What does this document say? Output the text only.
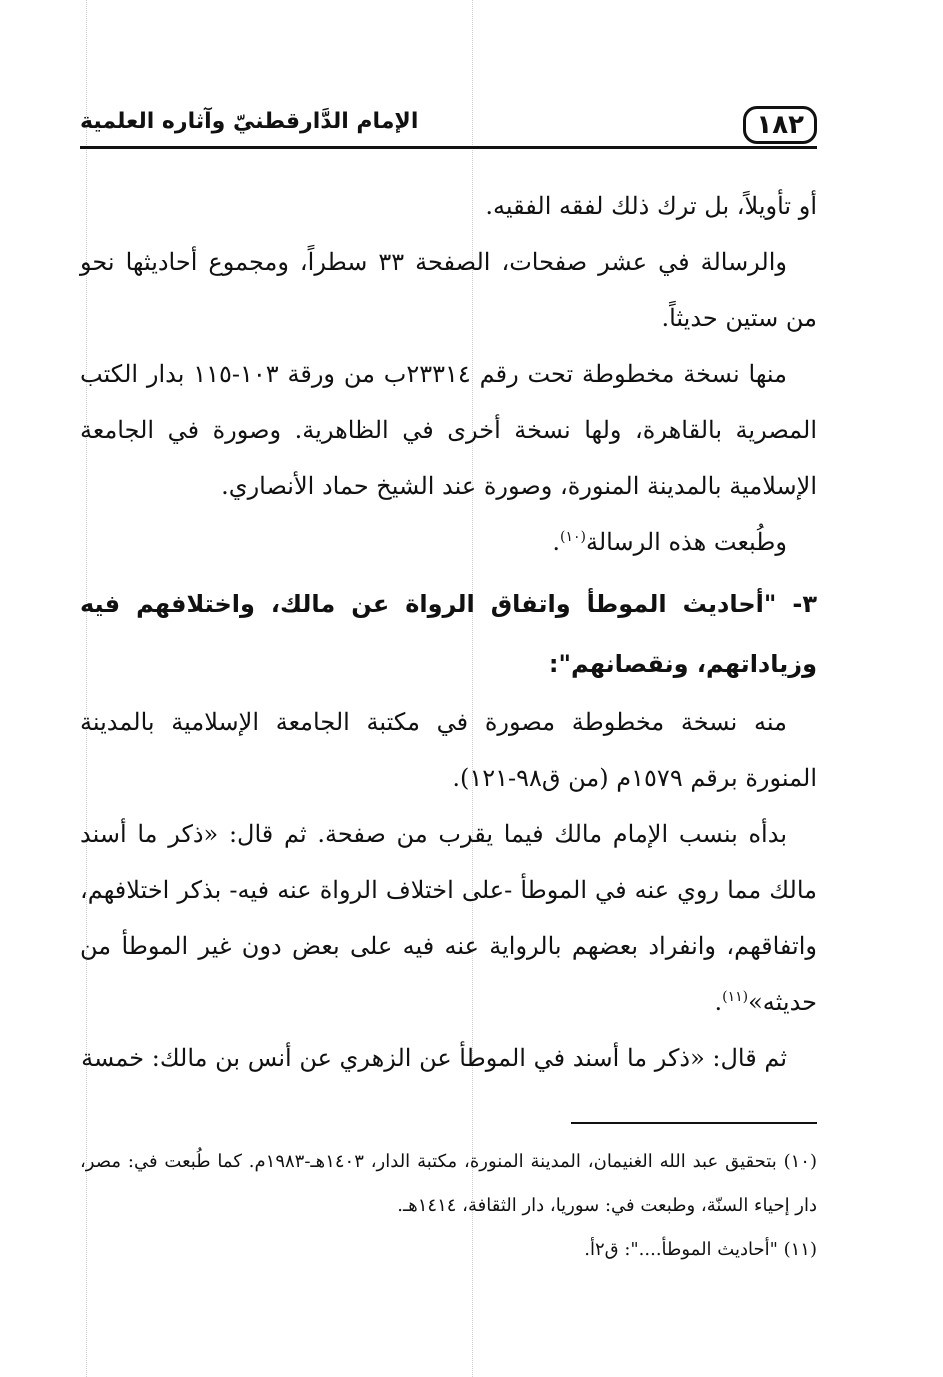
١٨٢
الإمام الدَّارقطنيّ وآثاره العلمية

أو تأويلاً، بل ترك ذلك لفقه الفقيه.

والرسالة في عشر صفحات، الصفحة ٣٣ سطراً، ومجموع أحاديثها نحو من ستين حديثاً.

منها نسخة مخطوطة تحت رقم ٢٣٣١٤ب من ورقة ١٠٣-١١٥ بدار الكتب المصرية بالقاهرة، ولها نسخة أخرى في الظاهرية. وصورة في الجامعة الإسلامية بالمدينة المنورة، وصورة عند الشيخ حماد الأنصاري.

وطُبعت هذه الرسالة$^{(١٠)}$.

٣- "أحاديث الموطأ واتفاق الرواة عن مالك، واختلافهم فيه وزياداتهم، ونقصانهم":

منه نسخة مخطوطة مصورة في مكتبة الجامعة الإسلامية بالمدينة المنورة برقم ١٥٧٩م (من ق٩٨-١٢١).

بدأه بنسب الإمام مالك فيما يقرب من صفحة. ثم قال: «ذكر ما أسند مالك مما روي عنه في الموطأ -على اختلاف الرواة عنه فيه- بذكر اختلافهم، واتفاقهم، وانفراد بعضهم بالرواية عنه فيه على بعض دون غير الموطأ من حديثه»$^{(١١)}$.

ثم قال: «ذكر ما أسند في الموطأ عن الزهري عن أنس بن مالك: خمسة

(١٠) بتحقيق عبد الله الغنيمان، المدينة المنورة، مكتبة الدار، ١٤٠٣هـ-١٩٨٣م. كما طُبعت في: مصر، دار إحياء السنّة، وطبعت في: سوريا، دار الثقافة، ١٤١٤هـ.

(١١) "أحاديث الموطأ....": ق٢أ.
